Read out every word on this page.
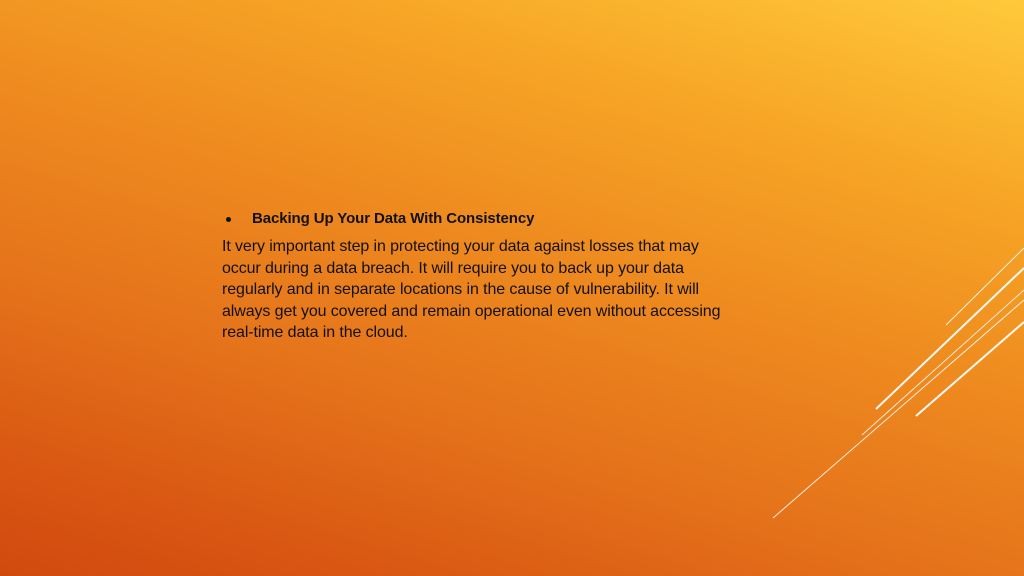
Backing Up Your Data With Consistency

It very important step in protecting your data against losses that may occur during a data breach. It will require you to back up your data regularly and in separate locations in the cause of vulnerability. It will always get you covered and remain operational even without accessing real-time data in the cloud.
